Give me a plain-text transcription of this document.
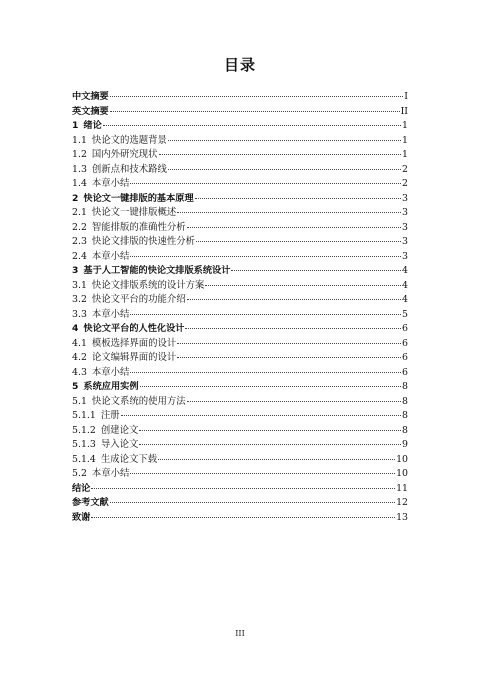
目录
中文摘要	I
英文摘要	II
1 绪论	1
1.1 快论文的选题背景	1
1.2 国内外研究现状	1
1.3 创新点和技术路线	2
1.4 本章小结	2
2 快论文一键排版的基本原理	3
2.1 快论文一键排版概述	3
2.2 智能排版的准确性分析	3
2.3 快论文排版的快速性分析	3
2.4 本章小结	3
3 基于人工智能的快论文排版系统设计	4
3.1 快论文排版系统的设计方案	4
3.2 快论文平台的功能介绍	4
3.3 本章小结	5
4 快论文平台的人性化设计	6
4.1 模板选择界面的设计	6
4.2 论文编辑界面的设计	6
4.3 本章小结	6
5 系统应用实例	8
5.1 快论文系统的使用方法	8
5.1.1 注册	8
5.1.2 创建论文	8
5.1.3 导入论文	9
5.1.4 生成论文下载	10
5.2 本章小结	10
结论	11
参考文献	12
致谢	13
III
